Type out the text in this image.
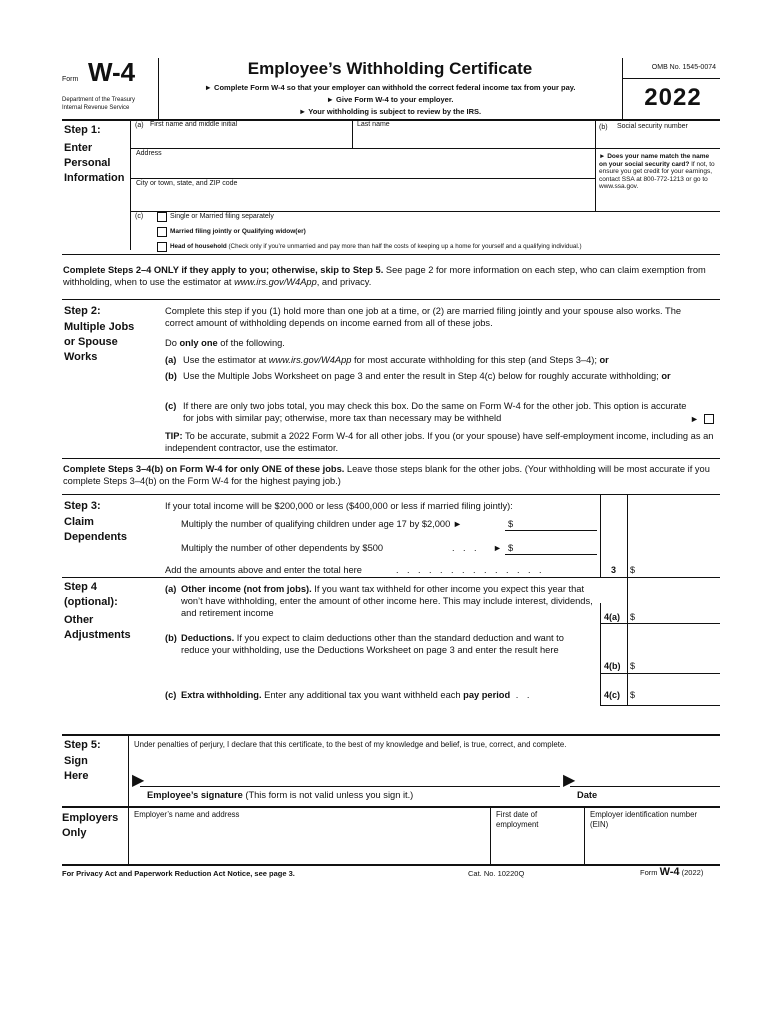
Form W-4
Department of the Treasury
Internal Revenue Service
Employee’s Withholding Certificate
► Complete Form W-4 so that your employer can withhold the correct federal income tax from your pay.
► Give Form W-4 to your employer.
► Your withholding is subject to review by the IRS.
OMB No. 1545-0074
2022
Step 1:
Enter
Personal
Information
(a) First name and middle initial	Last name	(b) Social security number
Address
City or town, state, and ZIP code
► Does your name match the name on your social security card? If not, to ensure you get credit for your earnings, contact SSA at 800-772-1213 or go to www.ssa.gov.
(c)	Single or Married filing separately
Married filing jointly or Qualifying widow(er)
Head of household (Check only if you’re unmarried and pay more than half the costs of keeping up a home for yourself and a qualifying individual.)
Complete Steps 2–4 ONLY if they apply to you; otherwise, skip to Step 5. See page 2 for more information on each step, who can claim exemption from withholding, when to use the estimator at www.irs.gov/W4App, and privacy.
Step 2:
Multiple Jobs
or Spouse
Works
Complete this step if you (1) hold more than one job at a time, or (2) are married filing jointly and your spouse also works. The correct amount of withholding depends on income earned from all of these jobs.
Do only one of the following.
(a) Use the estimator at www.irs.gov/W4App for most accurate withholding for this step (and Steps 3–4); or
(b) Use the Multiple Jobs Worksheet on page 3 and enter the result in Step 4(c) below for roughly accurate withholding; or
(c) If there are only two jobs total, you may check this box. Do the same on Form W-4 for the other job. This option is accurate for jobs with similar pay; otherwise, more tax than necessary may be withheld	►
TIP: To be accurate, submit a 2022 Form W-4 for all other jobs. If you (or your spouse) have self-employment income, including as an independent contractor, use the estimator.
Complete Steps 3–4(b) on Form W-4 for only ONE of these jobs. Leave those steps blank for the other jobs. (Your withholding will be most accurate if you complete Steps 3–4(b) on the Form W-4 for the highest paying job.)
Step 3:
Claim
Dependents
If your total income will be $200,000 or less ($400,000 or less if married filing jointly):
Multiply the number of qualifying children under age 17 by $2,000 ►	$
Multiply the number of other dependents by $500	. . . ► $
Add the amounts above and enter the total here	. . . . . . . . . . . . . .	3 $
Step 4
(optional):
Other
Adjustments
(a) Other income (not from jobs). If you want tax withheld for other income you expect this year that won’t have withholding, enter the amount of other income here. This may include interest, dividends, and retirement income	4(a) $
(b) Deductions. If you expect to claim deductions other than the standard deduction and want to reduce your withholding, use the Deductions Worksheet on page 3 and enter the result here
4(b) $
(c) Extra withholding. Enter any additional tax you want withheld each pay period . .	4(c) $
Step 5:
Sign
Here
Under penalties of perjury, I declare that this certificate, to the best of my knowledge and belief, is true, correct, and complete.
▶
Employee’s signature (This form is not valid unless you sign it.)
▶
Date
Employers
Only
Employer’s name and address	First date of employment
Employer identification number (EIN)
For Privacy Act and Paperwork Reduction Act Notice, see page 3.	Cat. No. 10220Q	Form W-4 (2022)
